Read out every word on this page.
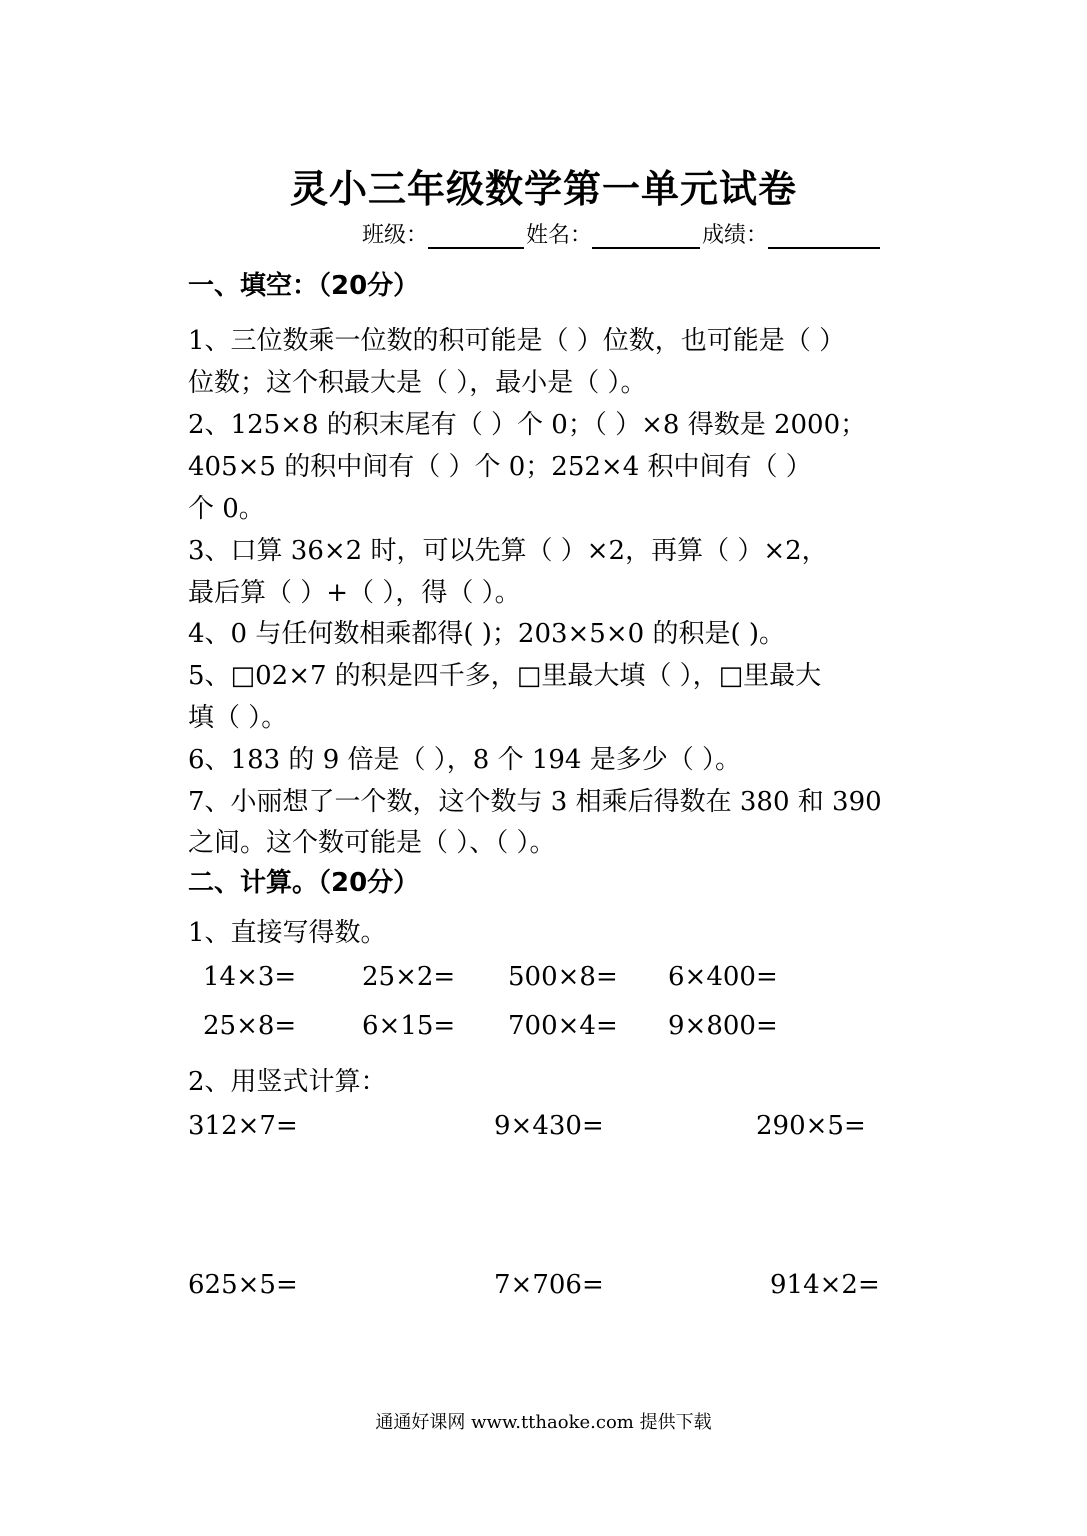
灵小三年级数学第一单元试卷
班级：	姓名：	成绩：
一、填空：（20分）
1、三位数乘一位数的积可能是（ ）位数，也可能是（ ）
位数；这个积最大是（ ），最小是（ ）。
2、125×8 的积末尾有（ ）个 0；（ ）×8 得数是 2000；
405×5 的积中间有（ ）个 0；252×4 积中间有（ ）
个 0。
3、口算 36×2 时，可以先算（ ）×2，再算（ ）×2，
最后算（ ）+（ ），得（ ）。
4、0 与任何数相乘都得( )；203×5×0 的积是( )。
5、□02×7 的积是四千多，□里最大填（ ），□里最大
填（ ）。
6、183 的 9 倍是（ ），8 个 194 是多少（ ）。
7、小丽想了一个数，这个数与 3 相乘后得数在 380 和 390
之间。这个数可能是（ ）、（ ）。
二、计算。（20分）
1、直接写得数。
14×3=	25×2= 500×8= 6×400=
25×8=	6×15= 700×4= 9×800=
2、用竖式计算：
312×7=	9×430=	290×5=
625×5=	7×706=	914×2=
通通好课网 www.tthaoke.com 提供下载
